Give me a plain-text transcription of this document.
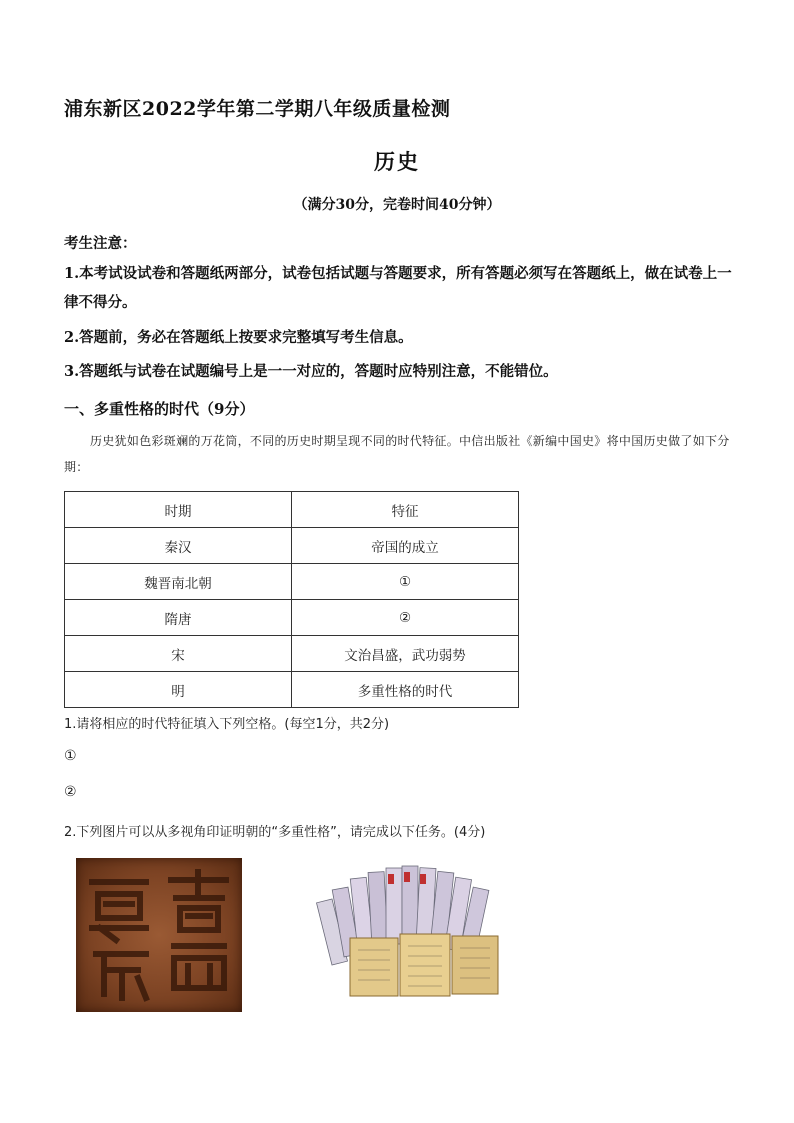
浦东新区2022学年第二学期八年级质量检测
历史
（满分30分，完卷时间40分钟）
考生注意：
1.本考试设试卷和答题纸两部分，试卷包括试题与答题要求，所有答题必须写在答题纸上，做在试卷上一律不得分。
2.答题前，务必在答题纸上按要求完整填写考生信息。
3.答题纸与试卷在试题编号上是一一对应的，答题时应特别注意，不能错位。
一、多重性格的时代（9分）
历史犹如色彩斑斓的万花筒，不同的历史时期呈现不同的时代特征。中信出版社《新编中国史》将中国历史做了如下分期：
时期	特征
秦汉	帝国的成立
魏晋南北朝	①
隋唐	②
宋	文治昌盛，武功弱势
明	多重性格的时代
1.请将相应的时代特征填入下列空格。(每空1分，共2分)
①
②
2.下列图片可以从多视角印证明朝的“多重性格”，请完成以下任务。(4分)
